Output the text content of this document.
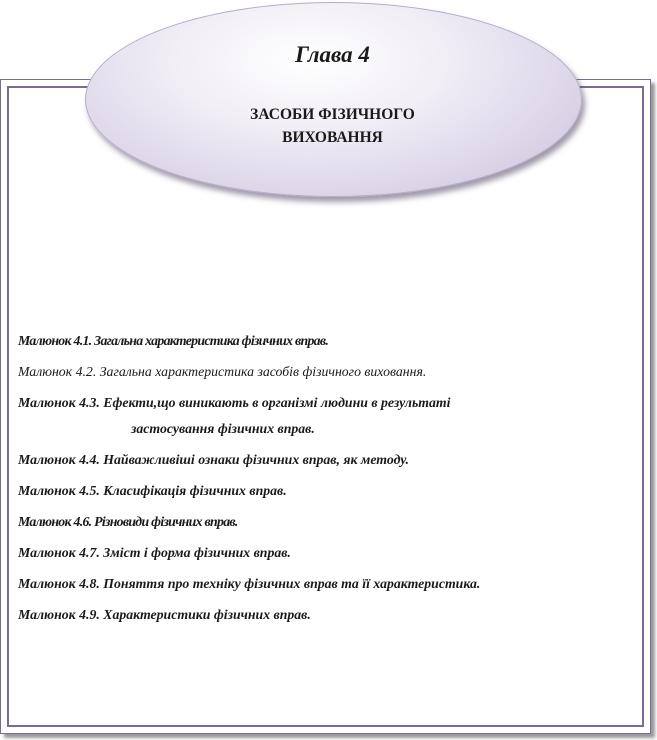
Глава 4
ЗАСОБИ ФІЗИЧНОГО
ВИХОВАННЯ
Малюнок 4.1. Загальна характеристика фізичних вправ.
Малюнок 4.2. Загальна характеристика засобів фізичного виховання.
Малюнок 4.3. Ефекти,що виникають в організмі людини в результаті
застосування фізичних вправ.
Малюнок 4.4. Найважливіші ознаки фізичних вправ, як методу.
Малюнок 4.5. Класифікація фізичних вправ.
Малюнок 4.6. Різновиди фізичних вправ.
Малюнок 4.7. Зміст і форма фізичних вправ.
Малюнок 4.8. Поняття про техніку фізичних вправ та її характеристика.
Малюнок 4.9. Характеристики фізичних вправ.
